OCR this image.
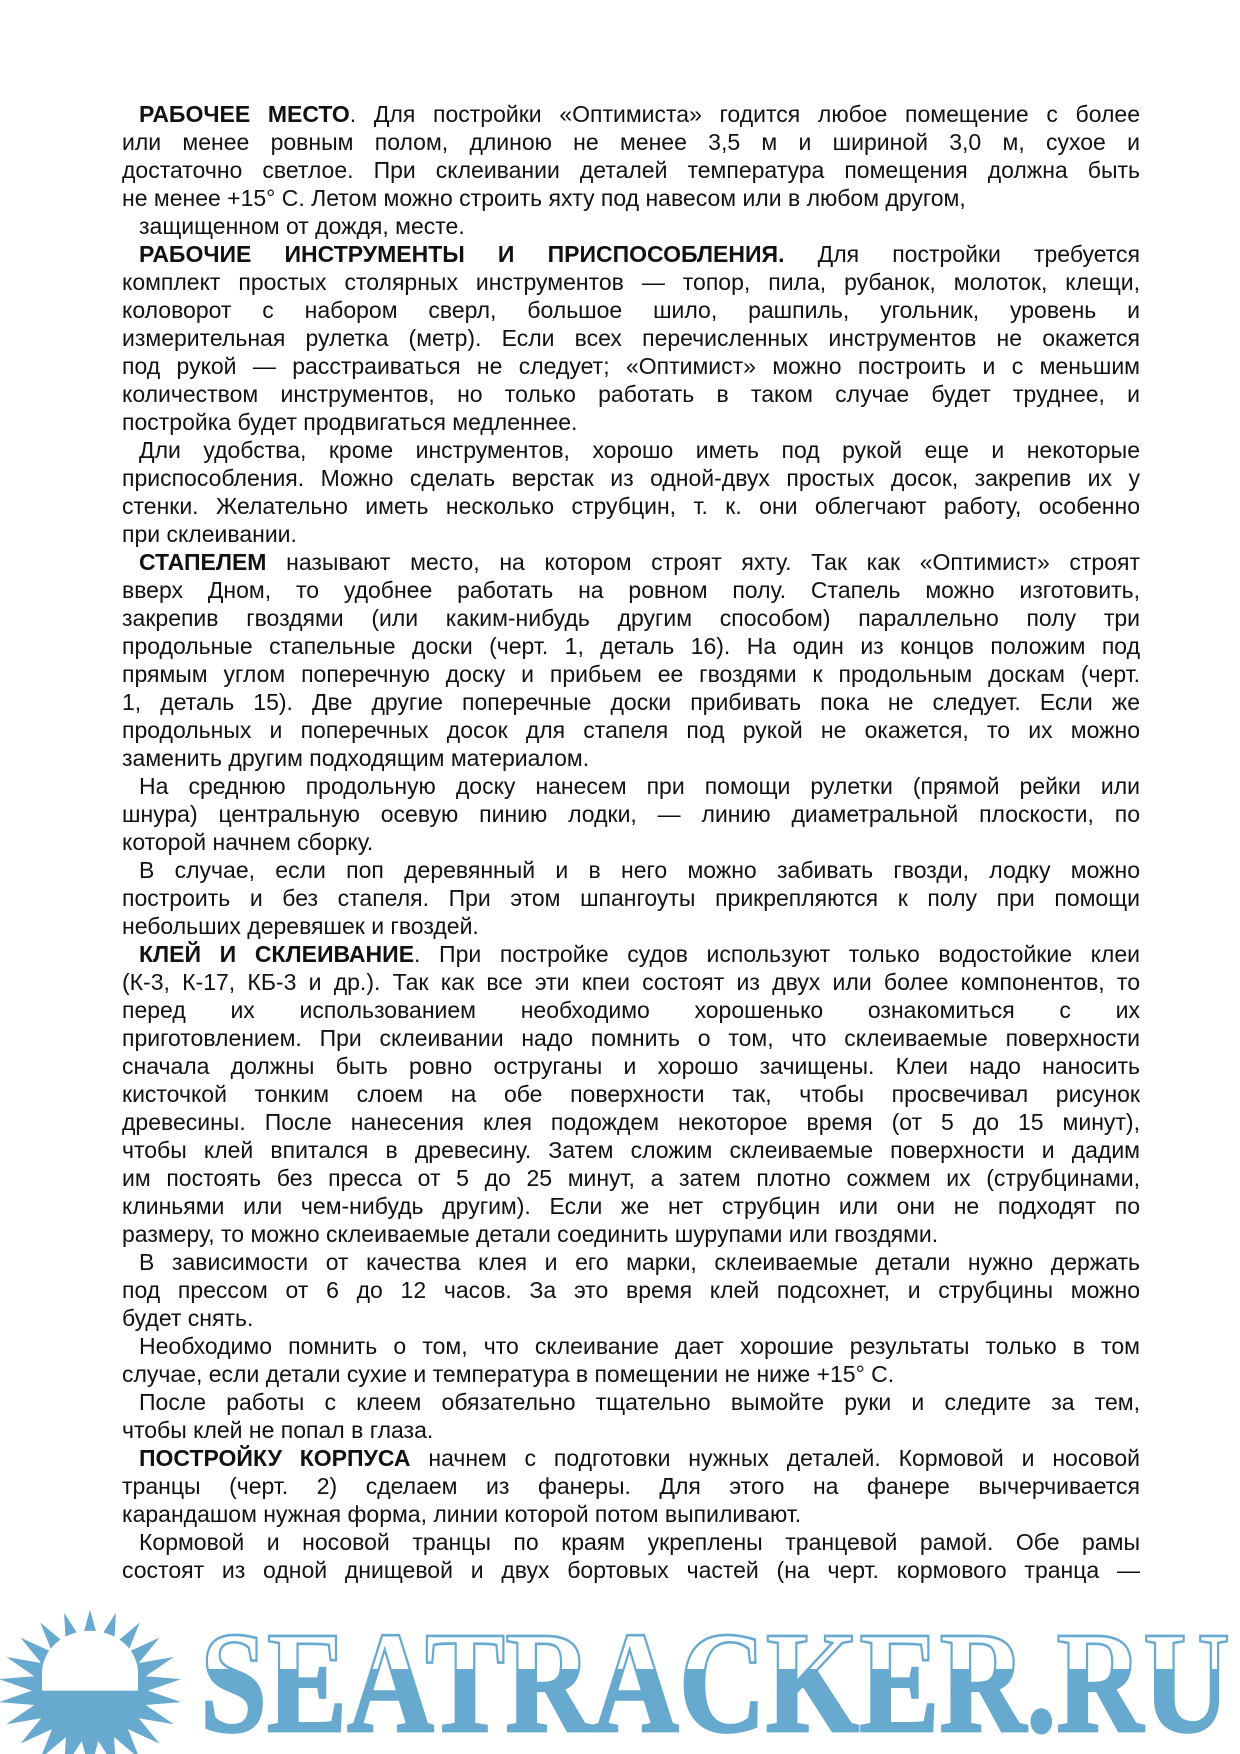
РАБОЧЕЕ МЕСТО. Для постройки «Оптимиста» годится любое помещение с более
или менее ровным полом, длиною не менее 3,5 м и шириной 3,0 м, сухое и
достаточно светлое. При склеивании деталей температура помещения должна быть
не менее +15° С. Летом можно строить яхту под навесом или в любом другом,
защищенном от дождя, месте.
РАБОЧИЕ ИНСТРУМЕНТЫ И ПРИСПОСОБЛЕНИЯ. Для постройки требуется
комплект простых столярных инструментов — топор, пила, рубанок, молоток, клещи,
коловорот с набором сверл, большое шило, рашпиль, угольник, уровень и
измерительная рулетка (метр). Если всех перечисленных инструментов не окажется
под рукой — расстраиваться не следует; «Оптимист» можно построить и с меньшим
количеством инструментов, но только работать в таком случае будет труднее, и
постройка будет продвигаться медленнее.
Дли удобства, кроме инструментов, хорошо иметь под рукой еще и некоторые
приспособления. Можно сделать верстак из одной-двух простых досок, закрепив их у
стенки. Желательно иметь несколько струбцин, т. к. они облегчают работу, особенно
при склеивании.
СТАПЕЛЕМ называют место, на котором строят яхту. Так как «Оптимист» строят
вверх Дном, то удобнее работать на ровном полу. Стапель можно изготовить,
закрепив гвоздями (или каким-нибудь другим способом) параллельно полу три
продольные стапельные доски (черт. 1, деталь 16). На один из концов положим под
прямым углом поперечную доску и прибьем ее гвоздями к продольным доскам (черт.
1, деталь 15). Две другие поперечные доски прибивать пока не следует. Если же
продольных и поперечных досок для стапеля под рукой не окажется, то их можно
заменить другим подходящим материалом.
На среднюю продольную доску нанесем при помощи рулетки (прямой рейки или
шнура) центральную осевую пинию лодки, — линию диаметральной плоскости, по
которой начнем сборку.
В случае, если поп деревянный и в него можно забивать гвозди, лодку можно
построить и без стапеля. При этом шпангоуты прикрепляются к полу при помощи
небольших деревяшек и гвоздей.
КЛЕЙ И СКЛЕИВАНИЕ. При постройке судов используют только водостойкие клеи
(К-3, К-17, КБ-3 и др.). Так как все эти кпеи состоят из двух или более компонентов, то
перед их использованием необходимо хорошенько ознакомиться с их
приготовлением. При склеивании надо помнить о том, что склеиваемые поверхности
сначала должны быть ровно оструганы и хорошо зачищены. Клеи надо наносить
кисточкой тонким слоем на обе поверхности так, чтобы просвечивал рисунок
древесины. После нанесения клея подождем некоторое время (от 5 до 15 минут),
чтобы клей впитался в древесину. Затем сложим склеиваемые поверхности и дадим
им постоять без пресса от 5 до 25 минут, а затем плотно сожмем их (струбцинами,
клиньями или чем-нибудь другим). Если же нет струбцин или они не подходят по
размеру, то можно склеиваемые детали соединить шурупами или гвоздями.
В зависимости от качества клея и его марки, склеиваемые детали нужно держать
под прессом от 6 до 12 часов. За это время клей подсохнет, и струбцины можно
будет снять.
Необходимо помнить о том, что склеивание дает хорошие результаты только в том
случае, если детали сухие и температура в помещении не ниже +15° С.
После работы с клеем обязательно тщательно вымойте руки и следите за тем,
чтобы клей не попал в глаза.
ПОСТРОЙКУ КОРПУСА начнем с подготовки нужных деталей. Кормовой и носовой
транцы (черт. 2) сделаем из фанеры. Для этого на фанере вычерчивается
карандашом нужная форма, линии которой потом выпиливают.
Кормовой и носовой транцы по краям укреплены транцевой рамой. Обе рамы
состоят из одной днищевой и двух бортовых частей (на черт. кормового транца —
SEATRACKER.RU
